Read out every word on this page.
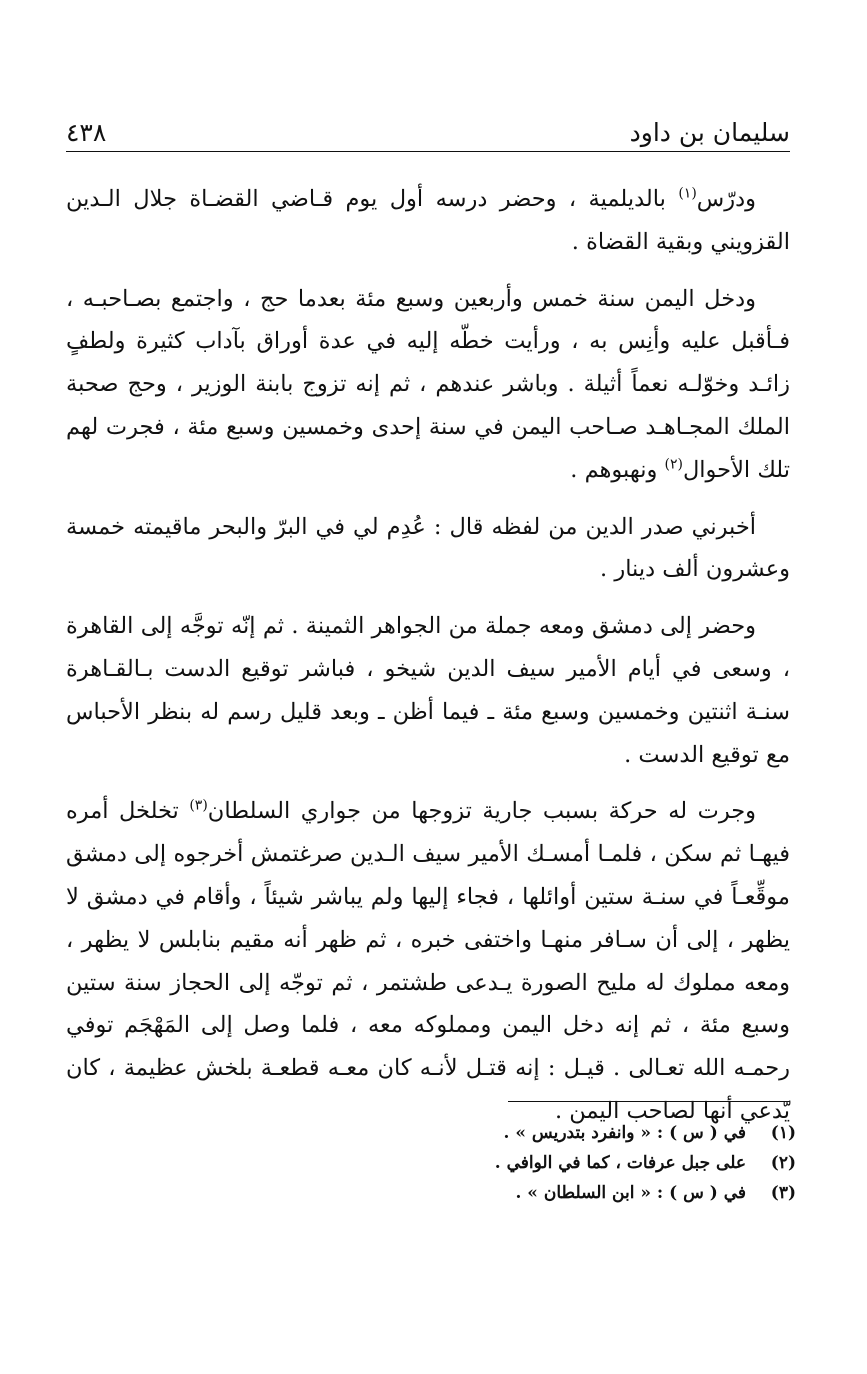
سليمان بن داود
٤٣٨

ودرّس$^{(١)}$ بالديلمية ، وحضر درسه أول يوم قـاضي القضـاة جلال الـدين القزويني وبقية القضاة .

ودخل اليمن سنة خمس وأربعين وسبع مئة بعدما حج ، واجتمع بصـاحبـه ، فـأقبل عليه وأنِس به ، ورأيت خطّه إليه في عدة أوراق بآداب كثيرة ولطفٍ زائـد وخوّلـه نعماً أثيلة . وباشر عندهم ، ثم إنه تزوج بابنة الوزير ، وحج صحبة الملك المجـاهـد صـاحب اليمن في سنة إحدى وخمسين وسبع مئة ، فجرت لهم تلك الأحوال$^{(٢)}$ ونهبوهم .

أخبرني صدر الدين من لفظه قال : عُدِم لي في البرّ والبحر ماقيمته خمسة وعشرون ألف دينار .

وحضر إلى دمشق ومعه جملة من الجواهر الثمينة . ثم إنّه توجَّه إلى القاهرة ، وسعى في أيام الأمير سيف الدين شيخو ، فباشر توقيع الدست بـالقـاهرة سنـة اثنتين وخمسين وسبع مئة ـ فيما أظن ـ وبعد قليل رسم له بنظر الأحباس مع توقيع الدست .

وجرت له حركة بسبب جارية تزوجها من جواري السلطان$^{(٣)}$ تخلخل أمره فيهـا ثم سكن ، فلمـا أمسـك الأمير سيف الـدين صرغتمش أخرجوه إلى دمشق موقِّعـاً في سنـة ستين أوائلها ، فجاء إليها ولم يباشر شيئاً ، وأقام في دمشق لا يظهر ، إلى أن سـافر منهـا واختفى خبره ، ثم ظهر أنه مقيم بنابلس لا يظهر ، ومعه مملوك له مليح الصورة يـدعى طشتمر ، ثم توجّه إلى الحجاز سنة ستين وسبع مئة ، ثم إنه دخل اليمن ومملوكه معه ، فلما وصل إلى المَهْجَم توفي رحمـه الله تعـالى . قيـل : إنه قتـل لأنـه كان معـه قطعـة بلخش عظيمة ، كان يّدعي أنها لصاحب اليمن .

(١)
في ( س ) : « وانفرد بتدريس » .
(٢)
على جبل عرفات ، كما في الوافي .
(٣)
في ( س ) : « ابن السلطان » .
